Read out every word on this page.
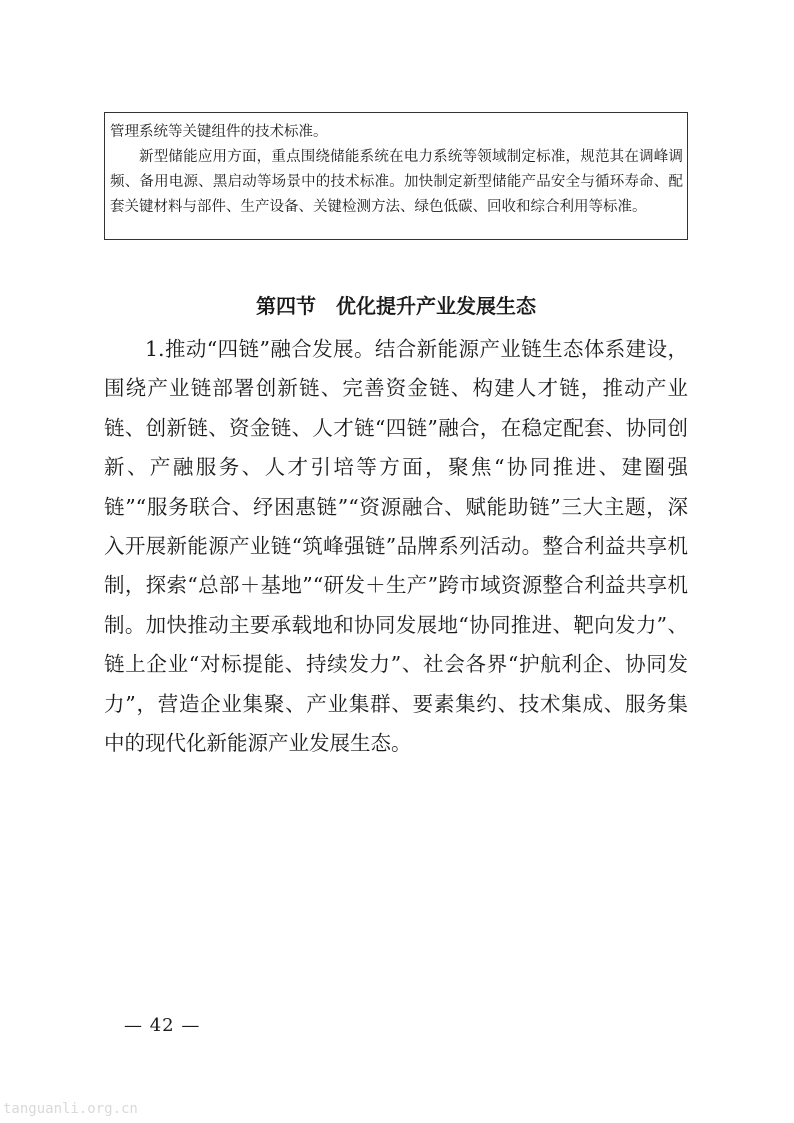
管理系统等关键组件的技术标准。

新型储能应用方面，重点围绕储能系统在电力系统等领域制定标准，规范其在调峰调频、备用电源、黑启动等场景中的技术标准。加快制定新型储能产品安全与循环寿命、配套关键材料与部件、生产设备、关键检测方法、绿色低碳、回收和综合利用等标准。

第四节　优化提升产业发展生态

1.推动“四链”融合发展。结合新能源产业链生态体系建设，围绕产业链部署创新链、完善资金链、构建人才链，推动产业链、创新链、资金链、人才链“四链”融合，在稳定配套、协同创新、产融服务、人才引培等方面，聚焦“协同推进、建圈强链”“服务联合、纾困惠链”“资源融合、赋能助链”三大主题，深入开展新能源产业链“筑峰强链”品牌系列活动。整合利益共享机制，探索“总部＋基地”“研发＋生产”跨市域资源整合利益共享机制。加快推动主要承载地和协同发展地“协同推进、靶向发力”、链上企业“对标提能、持续发力”、社会各界“护航利企、协同发力”，营造企业集聚、产业集群、要素集约、技术集成、服务集中的现代化新能源产业发展生态。

— 42 —

tanguanli.org.cn
